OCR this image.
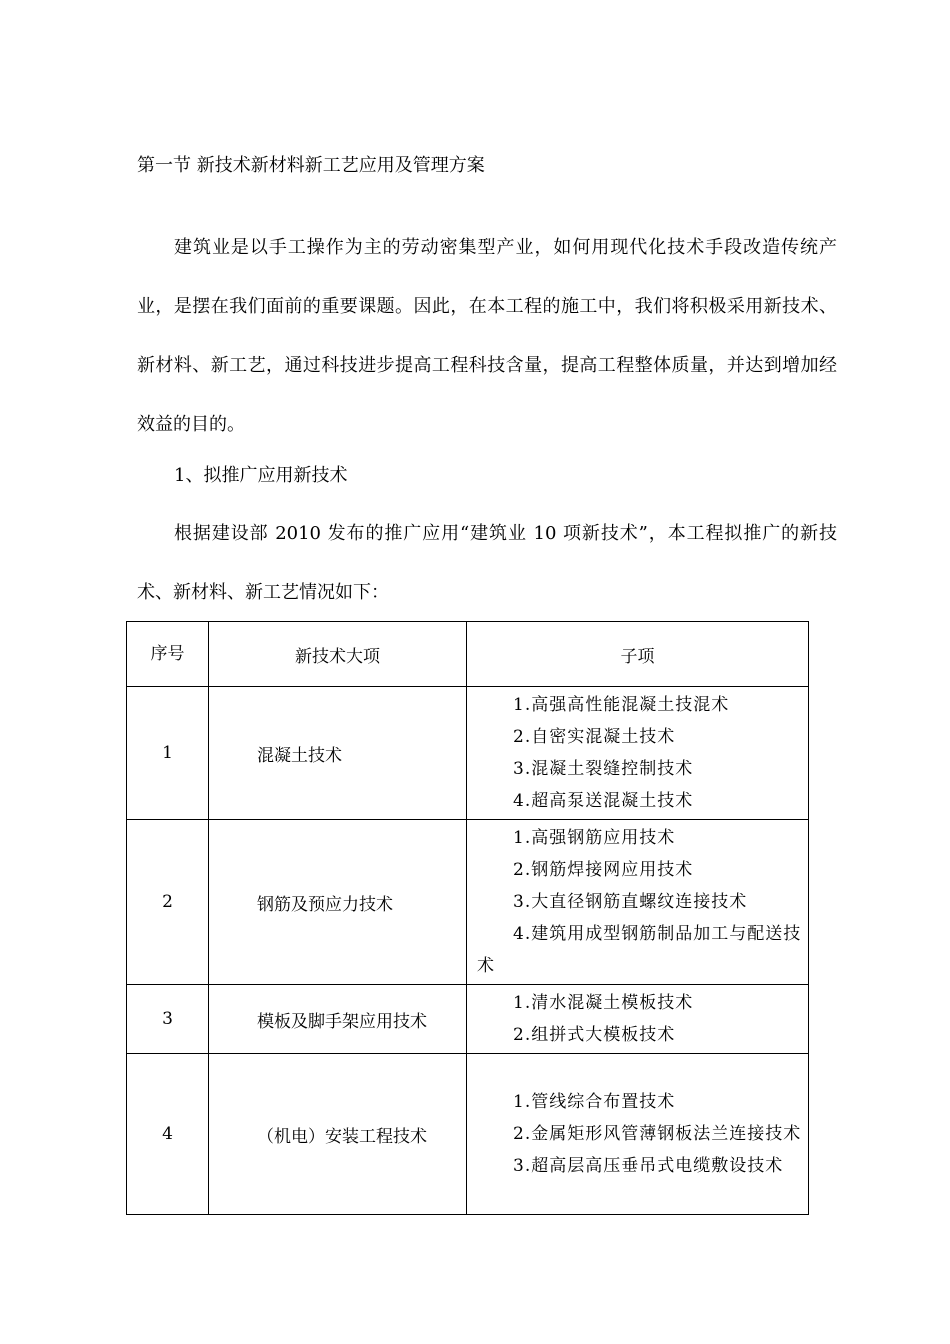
第一节 新技术新材料新工艺应用及管理方案

建筑业是以手工操作为主的劳动密集型产业，如何用现代化技术手段改造传统产业，是摆在我们面前的重要课题。因此，在本工程的施工中，我们将积极采用新技术、新材料、新工艺，通过科技进步提高工程科技含量，提高工程整体质量，并达到增加经效益的目的。

1、拟推广应用新技术

根据建设部 2010 发布的推广应用“建筑业 10 项新技术”，本工程拟推广的新技术、新材料、新工艺情况如下：

序号	新技术大项	子项
1	混凝土技术	1.高强高性能混凝土技混术
2.自密实混凝土技术
3.混凝土裂缝控制技术
4.超高泵送混凝土技术

2	钢筋及预应力技术	1.高强钢筋应用技术
2.钢筋焊接网应用技术
3.大直径钢筋直螺纹连接技术
4.建筑用成型钢筋制品加工与配送技术

3	模板及脚手架应用技术	1.清水混凝土模板技术
2.组拼式大模板技术

4	（机电）安装工程技术	1.管线综合布置技术
2.金属矩形风管薄钢板法兰连接技术
3.超高层高压垂吊式电缆敷设技术
